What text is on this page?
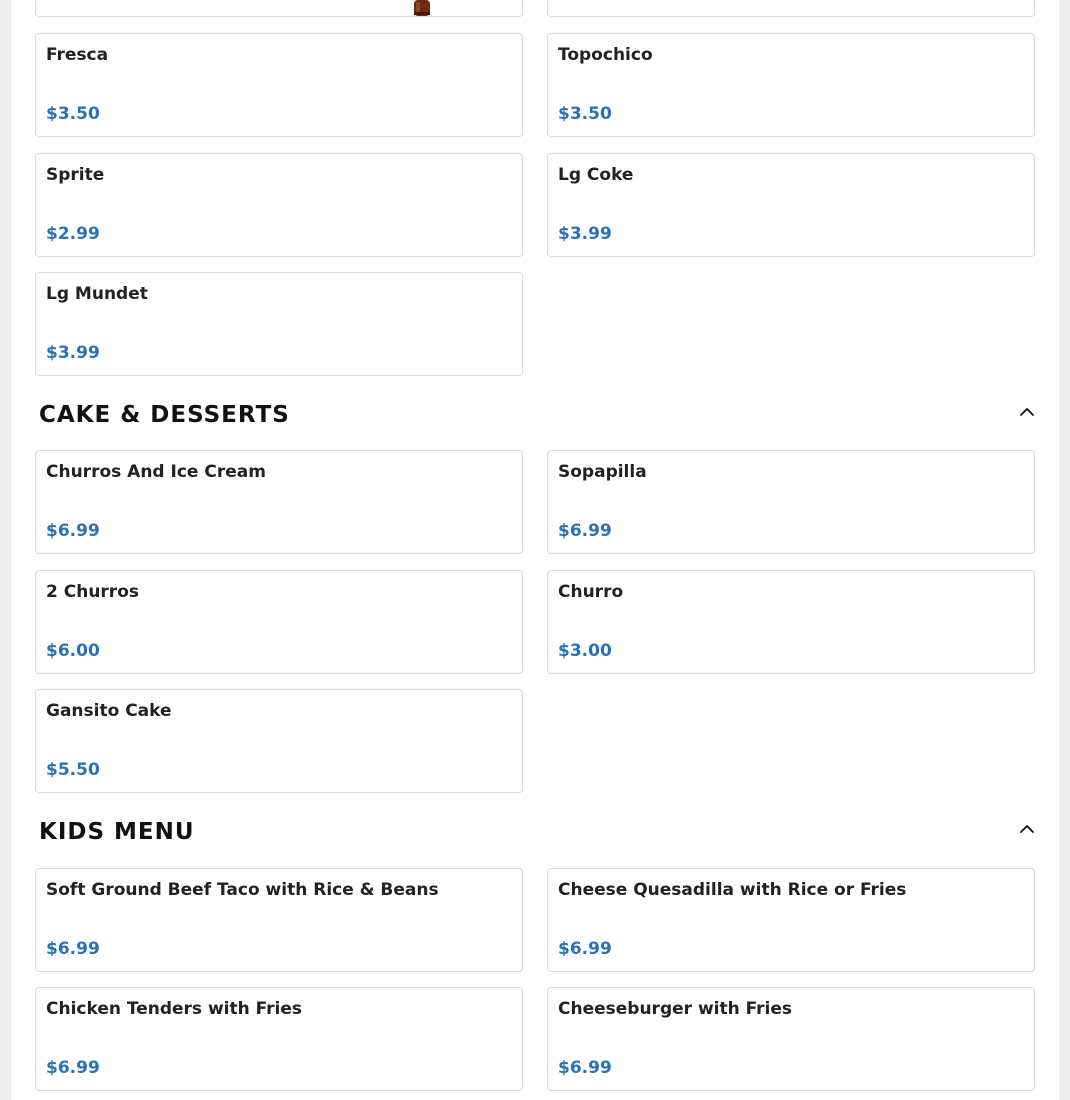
Fresca
$3.50
Topochico
$3.50
Sprite
$2.99
Lg Coke
$3.99
Lg Mundet
$3.99
CAKE & DESSERTS
Churros And Ice Cream
$6.99
Sopapilla
$6.99
2 Churros
$6.00
Churro
$3.00
Gansito Cake
$5.50
KIDS MENU
Soft Ground Beef Taco with Rice & Beans
$6.99
Cheese Quesadilla with Rice or Fries
$6.99
Chicken Tenders with Fries
$6.99
Cheeseburger with Fries
$6.99
